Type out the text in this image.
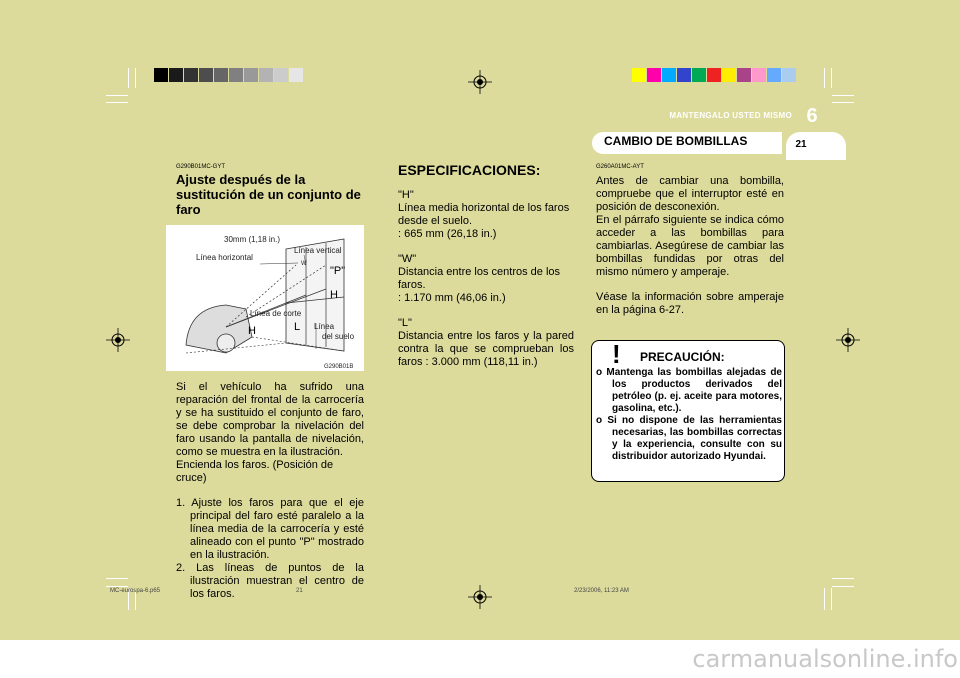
6
MANTENGALO USTED MISMO
CAMBIO DE BOMBILLAS	21
G290B01MC-GYT
Ajuste después de la sustitución de un conjunto de faro
30mm (1,18 in.)
Línea vertical
Línea horizontal
W
"P"
H
Línea de corte
L Línea
del suelo
H
G290B01B
Si el vehículo ha sufrido una reparación del frontal de la carrocería y se ha sustituido el conjunto de faro, se debe comprobar la nivelación del faro usando la pantalla de nivelación, como se muestra en la ilustración.

Encienda los faros. (Posición de cruce)

1. Ajuste los faros para que el eje principal del faro esté paralelo a la línea media de la carrocería y esté alineado con el punto "P" mostrado en la ilustración.
2. Las líneas de puntos de la ilustración muestran el centro de los faros.
ESPECIFICACIONES:

"H"
Línea media horizontal de los faros desde el suelo.
: 665 mm (26,18 in.)

"W"
Distancia entre los centros de los faros.
: 1.170 mm (46,06 in.)

"L"
Distancia entre los faros y la pared contra la que se comprueban los faros : 3.000 mm (118,11 in.)

G260A01MC-AYT
Antes de cambiar una bombilla, compruebe que el interruptor esté en posición de desconexión.

En el párrafo siguiente se indica cómo acceder a las bombillas para cambiarlas. Asegúrese de cambiar las bombillas fundidas por otras del mismo número y amperaje.

Véase la información sobre amperaje en la página 6-27.

! PRECAUCIÓN:
o Mantenga las bombillas alejadas de los productos derivados del petróleo (p. ej. aceite para motores, gasolina, etc.).
o Si no dispone de las herramientas necesarias, las bombillas correctas y la experiencia, consulte con su distribuidor autorizado Hyundai.
MC-eurospa-6.p65	21	2/23/2006, 11:23 AM
carmanualsonline.info
